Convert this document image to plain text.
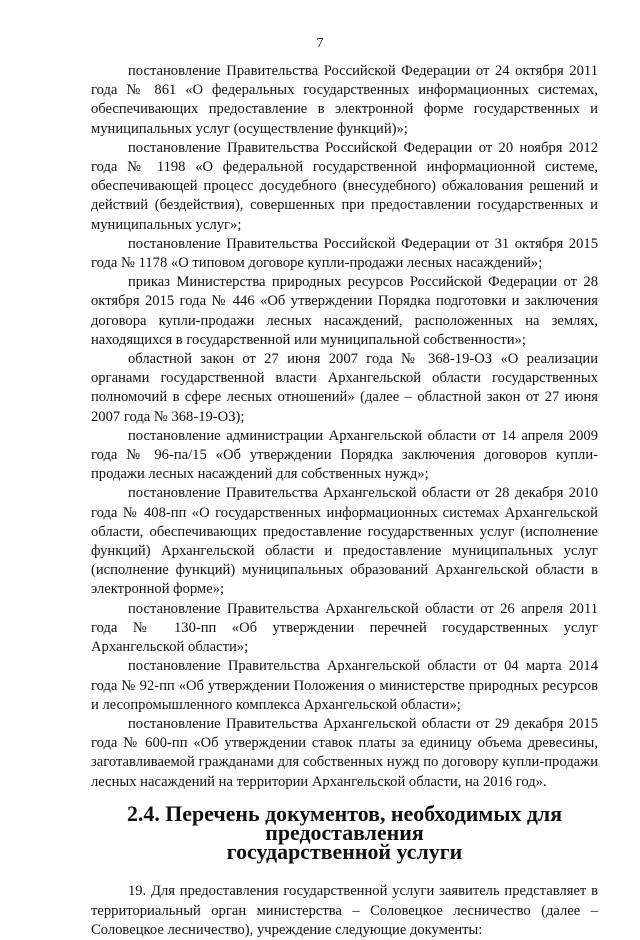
7

постановление Правительства Российской Федерации от 24 октября 2011 года № 861 «О федеральных государственных информационных системах, обеспечивающих предоставление в электронной форме государственных и муниципальных услуг (осуществление функций)»;

постановление Правительства Российской Федерации от 20 ноября 2012 года № 1198 «О федеральной государственной информационной системе, обеспечивающей процесс досудебного (внесудебного) обжалования решений и действий (бездействия), совершенных при предоставлении государственных и муниципальных услуг»;

постановление Правительства Российской Федерации от 31 октября 2015 года № 1178 «О типовом договоре купли-продажи лесных насаждений»;

приказ Министерства природных ресурсов Российской Федерации от 28 октября 2015 года № 446 «Об утверждении Порядка подготовки и заключения договора купли-продажи лесных насаждений, расположенных на землях, находящихся в государственной или муниципальной собственности»;

областной закон от 27 июня 2007 года № 368-19-ОЗ «О реализации органами государственной власти Архангельской области государственных полномочий в сфере лесных отношений» (далее – областной закон от 27 июня 2007 года № 368-19-ОЗ);

постановление администрации Архангельской области от 14 апреля 2009 года № 96-па/15 «Об утверждении Порядка заключения договоров купли-продажи лесных насаждений для собственных нужд»;

постановление Правительства Архангельской области от 28 декабря 2010 года № 408-пп «О государственных информационных системах Архангельской области, обеспечивающих предоставление государственных услуг (исполнение функций) Архангельской области и предоставление муниципальных услуг (исполнение функций) муниципальных образований Архангельской области в электронной форме»;

постановление Правительства Архангельской области от 26 апреля 2011 года № 130-пп «Об утверждении перечней государственных услуг Архангельской области»;

постановление Правительства Архангельской области от 04 марта 2014 года № 92-пп «Об утверждении Положения о министерстве природных ресурсов и лесопромышленного комплекса Архангельской области»;

постановление Правительства Архангельской области от 29 декабря 2015 года № 600-пп «Об утверждении ставок платы за единицу объема древесины, заготавливаемой гражданами для собственных нужд по договору купли-продажи лесных насаждений на территории Архангельской области, на 2016 год».

2.4. Перечень документов, необходимых для предоставления
государственной услуги

19. Для предоставления государственной услуги заявитель представляет в территориальный орган министерства – Соловецкое лесничество (далее – Соловецкое лесничество), учреждение следующие документы:
